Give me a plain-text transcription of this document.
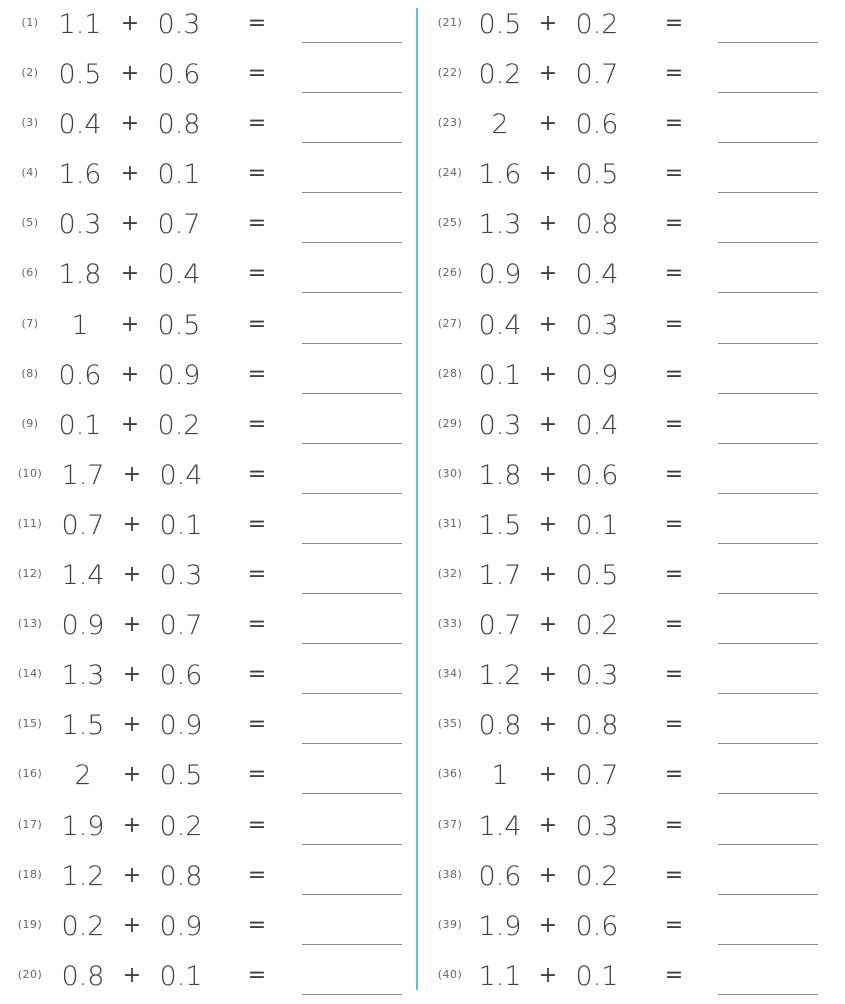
(1) 1.1 + 0.3 =
(2) 0.5 + 0.6 =
(3) 0.4 + 0.8 =
(4) 1.6 + 0.1 =
(5) 0.3 + 0.7 =
(6) 1.8 + 0.4 =
(7)	1	+ 0.5 =
(8) 0.6 + 0.9 =
(9) 0.1 + 0.2 =
(10) 1.7 + 0.4 =
(11) 0.7 + 0.1 =
(12) 1.4 + 0.3 =
(13) 0.9 + 0.7 =
(14) 1.3 + 0.6 =
(15) 1.5 + 0.9 =
(16)	2	+ 0.5 =
(17) 1.9 + 0.2 =
(18) 1.2 + 0.8 =
(19) 0.2 + 0.9 =
(20) 0.8 + 0.1 =
(21) 0.5 + 0.2 =
(22) 0.2 + 0.7 =
(23)	2	+ 0.6 =
(24) 1.6 + 0.5 =
(25) 1.3 + 0.8 =
(26) 0.9 + 0.4 =
(27) 0.4 + 0.3 =
(28) 0.1 + 0.9 =
(29) 0.3 + 0.4 =
(30) 1.8 + 0.6 =
(31) 1.5 + 0.1 =
(32) 1.7 + 0.5 =
(33) 0.7 + 0.2 =
(34) 1.2 + 0.3 =
(35) 0.8 + 0.8 =
(36)	1	+ 0.7 =
(37) 1.4 + 0.3 =
(38) 0.6 + 0.2 =
(39) 1.9 + 0.6 =
(40) 1.1 + 0.1 =
